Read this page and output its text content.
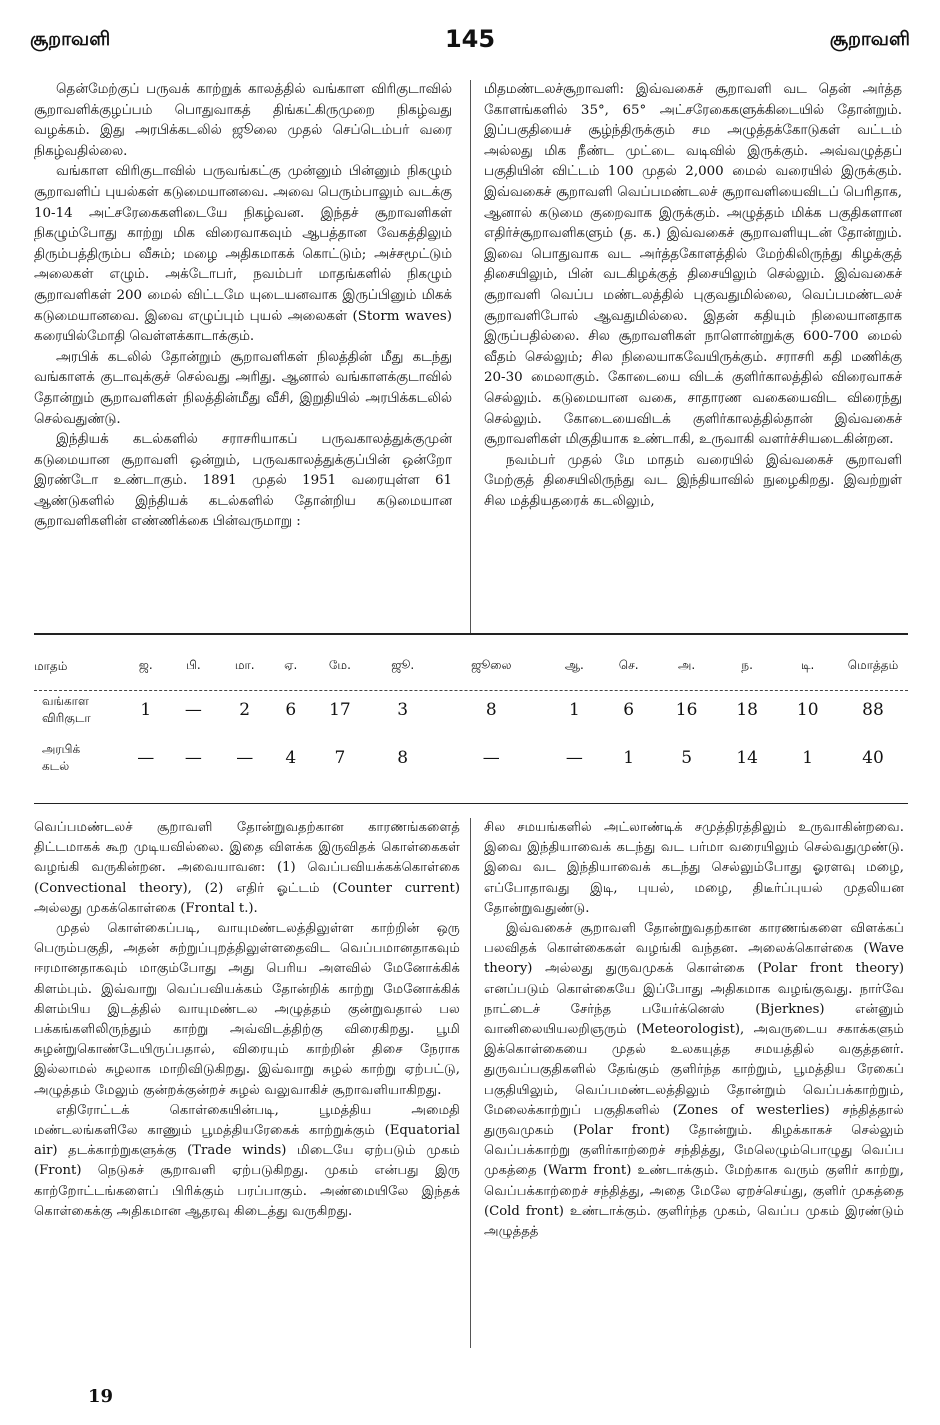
சூறாவளி	145	சூறாவளி

தென்மேற்குப் பருவக் காற்றுக் காலத்தில் வங்காள விரிகுடாவில் சூறாவளிக்குழப்பம் பொதுவாகத் திங்கட்கிருமுறை நிகழ்வது வழக்கம். இது அரபிக்கடலில் ஜூலை முதல் செப்டெம்பர் வரை நிகழ்வதில்லை.

வங்காள விரிகுடாவில் பருவங்கட்கு முன்னும் பின்னும் நிகழும் சூறாவளிப் புயல்கள் கடுமையானவை. அவை பெரும்பாலும் வடக்கு 10-14 அட்சரேகைகளிடையே நிகழ்வன. இந்தச் சூறாவளிகள் நிகழும்போது காற்று மிக விரைவாகவும் ஆபத்தான வேகத்திலும் திரும்பத்திரும்ப வீசும்; மழை அதிகமாகக் கொட்டும்; அச்சமூட்டும் அலைகள் எழும். அக்டோபர், நவம்பர் மாதங்களில் நிகழும் சூறாவளிகள் 200 மைல் விட்டமே யுடையனவாக இருப்பினும் மிகக் கடுமையானவை. இவை எழுப்பும் புயல் அலைகள் (Storm waves) கரையில்மோதி வெள்ளக்காடாக்கும்.

அரபிக் கடலில் தோன்றும் சூறாவளிகள் நிலத்தின் மீது கடந்து வங்காளக் குடாவுக்குச் செல்வது அரிது. ஆனால் வங்காளக்குடாவில் தோன்றும் சூறாவளிகள் நிலத்தின்மீது வீசி, இறுதியில் அரபிக்கடலில் செல்வதுண்டு.

இந்தியக் கடல்களில் சராசரியாகப் பருவகாலத்துக்குமுன் கடுமையான சூறாவளி ஒன்றும், பருவகாலத்துக்குப்பின் ஒன்றோ இரண்டோ உண்டாகும். 1891 முதல் 1951 வரையுள்ள 61 ஆண்டுகளில் இந்தியக் கடல்களில் தோன்றிய கடுமையான சூறாவளிகளின் எண்ணிக்கை பின்வருமாறு :

மிதமண்டலச்சூறாவளி: இவ்வகைச் சூறாவளி வட தென் அர்த்த கோளங்களில் 35°, 65° அட்சரேகைகளுக்கிடையில் தோன்றும். இப்பகுதியைச் சூழ்ந்திருக்கும் சம அழுத்தக்கோடுகள் வட்டம் அல்லது மிக நீண்ட முட்டை வடிவில் இருக்கும். அவ்வழுத்தப் பகுதியின் விட்டம் 100 முதல் 2,000 மைல் வரையில் இருக்கும். இவ்வகைச் சூறாவளி வெப்பமண்டலச் சூறாவளியைவிடப் பெரிதாக, ஆனால் கடுமை குறைவாக இருக்கும். அழுத்தம் மிக்க பகுதிகளான எதிர்ச்சூறாவளிகளும் (த. க.) இவ்வகைச் சூறாவளியுடன் தோன்றும். இவை பொதுவாக வட அர்த்தகோளத்தில் மேற்கிலிருந்து கிழக்குத் திசையிலும், பின் வடகிழக்குத் திசையிலும் செல்லும். இவ்வகைச் சூறாவளி வெப்ப மண்டலத்தில் புகுவதுமில்லை, வெப்பமண்டலச் சூறாவளிபோல் ஆவதுமில்லை. இதன் கதியும் நிலையானதாக இருப்பதில்லை. சில சூறாவளிகள் நாளொன்றுக்கு 600-700 மைல் வீதம் செல்லும்; சில நிலையாகவேயிருக்கும். சராசரி கதி மணிக்கு 20-30 மைலாகும். கோடையை விடக் குளிர்காலத்தில் விரைவாகச் செல்லும். கடுமையான வகை, சாதாரண வகையைவிட விரைந்து செல்லும். கோடையைவிடக் குளிர்காலத்தில்தான் இவ்வகைச் சூறாவளிகள் மிகுதியாக உண்டாகி, உருவாகி வளர்ச்சியடைகின்றன.

நவம்பர் முதல் மே மாதம் வரையில் இவ்வகைச் சூறாவளி மேற்குத் திசையிலிருந்து வட இந்தியாவில் நுழைகிறது. இவற்றுள் சில மத்தியதரைக் கடலிலும்,

மாதம்	ஜ.	பி.	மா.	ஏ.	மே.	ஜூ.	ஜூலை	ஆ.	செ.	அ.	ந.	டி.	மொத்தம்
வங்காள
விரிகுடா	1	—	2	6	17	3	8	1	6	16	18	10	88
அரபிக்
கடல்	—	—	—	4	7	8	—	—	1	5	14	1	40

வெப்பமண்டலச் சூறாவளி தோன்றுவதற்கான காரணங்களைத் திட்டமாகக் கூற முடியவில்லை. இதை விளக்க இருவிதக் கொள்கைகள் வழங்கி வருகின்றன. அவையாவன: (1) வெப்பவியக்கக்கொள்கை (Convectional theory), (2) எதிர் ஓட்டம் (Counter current) அல்லது முகக்கொள்கை (Frontal t.).

முதல் கொள்கைப்படி, வாயுமண்டலத்திலுள்ள காற்றின் ஒரு பெரும்பகுதி, அதன் சுற்றுப்புறத்திலுள்ளதைவிட வெப்பமானதாகவும் ஈரமானதாகவும் மாகும்போது அது பெரிய அளவில் மேனோக்கிக் கிளம்பும். இவ்வாறு வெப்பவியக்கம் தோன்றிக் காற்று மேனோக்கிக் கிளம்பிய இடத்தில் வாயுமண்டல அழுத்தம் குன்றுவதால் பல பக்கங்களிலிருந்தும் காற்று அவ்விடத்திற்கு விரைகிறது. பூமி சுழன்றுகொண்டேயிருப்பதால், விரையும் காற்றின் திசை நேராக இல்லாமல் சுழலாக மாறிவிடுகிறது. இவ்வாறு சுழல் காற்று ஏற்பட்டு, அழுத்தம் மேலும் குன்றக்குன்றச் சுழல் வலுவாகிச் சூறாவளியாகிறது.

எதிரோட்டக் கொள்கையின்படி, பூமத்திய அமைதி மண்டலங்களிலே காணும் பூமத்தியரேகைக் காற்றுக்கும் (Equatorial air) தடக்காற்றுகளுக்கு (Trade winds) மிடையே ஏற்படும் முகம் (Front) நெடுகச் சூறாவளி ஏற்படுகிறது. முகம் என்பது இரு காற்றோட்டங்களைப் பிரிக்கும் பரப்பாகும். அண்மையிலே இந்தக் கொள்கைக்கு அதிகமான ஆதரவு கிடைத்து வருகிறது.

சில சமயங்களில் அட்லாண்டிக் சமுத்திரத்திலும் உருவாகின்றவை. இவை இந்தியாவைக் கடந்து வட பர்மா வரையிலும் செல்வதுமுண்டு. இவை வட இந்தியாவைக் கடந்து செல்லும்போது ஓரளவு மழை, எப்போதாவது இடி, புயல், மழை, திடீர்ப்புயல் முதலியன தோன்றுவதுண்டு.

இவ்வகைச் சூறாவளி தோன்றுவதற்கான காரணங்களை விளக்கப் பலவிதக் கொள்கைகள் வழங்கி வந்தன. அலைக்கொள்கை (Wave theory) அல்லது துருவமுகக் கொள்கை (Polar front theory) எனப்படும் கொள்கையே இப்போது அதிகமாக வழங்குவது. நார்வே நாட்டைச் சேர்ந்த பயேர்க்னெஸ் (Bjerknes) என்னும் வானிலையியலறிஞரும் (Meteorologist), அவருடைய சகாக்களும் இக்கொள்கையை முதல் உலகயுத்த சமயத்தில் வகுத்தனர். துருவப்பகுதிகளில் தேங்கும் குளிர்ந்த காற்றும், பூமத்திய ரேகைப் பகுதியிலும், வெப்பமண்டலத்திலும் தோன்றும் வெப்பக்காற்றும், மேலைக்காற்றுப் பகுதிகளில் (Zones of westerlies) சந்தித்தால் துருவமுகம் (Polar front) தோன்றும். கிழக்காகச் செல்லும் வெப்பக்காற்று குளிர்காற்றைச் சந்தித்து, மேலெழும்பொழுது வெப்ப முகத்தை (Warm front) உண்டாக்கும். மேற்காக வரும் குளிர் காற்று, வெப்பக்காற்றைச் சந்தித்து, அதை மேலே ஏறச்செய்து, குளிர் முகத்தை (Cold front) உண்டாக்கும். குளிர்ந்த முகம், வெப்ப முகம் இரண்டும் அழுத்தத்

19
